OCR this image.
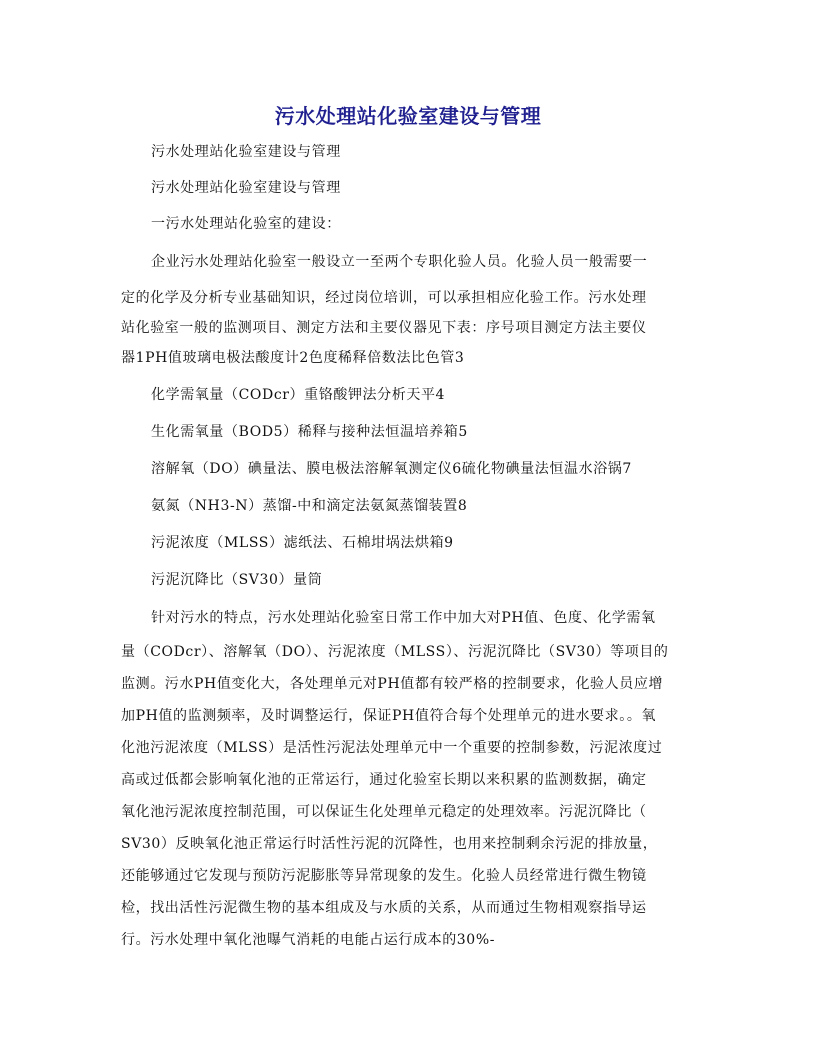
污水处理站化验室建设与管理
污水处理站化验室建设与管理
污水处理站化验室建设与管理
一污水处理站化验室的建设：
企业污水处理站化验室一般设立一至两个专职化验人员。化验人员一般需要一
定的化学及分析专业基础知识，经过岗位培训，可以承担相应化验工作。污水处理
站化验室一般的监测项目、测定方法和主要仪器见下表：序号项目测定方法主要仪
器1PH值玻璃电极法酸度计2色度稀释倍数法比色管3
化学需氧量（CODcr）重铬酸钾法分析天平4
生化需氧量（BOD5）稀释与接种法恒温培养箱5
溶解氧（DO）碘量法、膜电极法溶解氧测定仪6硫化物碘量法恒温水浴锅7
氨氮（NH3-N）蒸馏-中和滴定法氨氮蒸馏装置8
污泥浓度（MLSS）滤纸法、石棉坩埚法烘箱9
污泥沉降比（SV30）量筒
针对污水的特点，污水处理站化验室日常工作中加大对PH值、色度、化学需氧
量（CODcr）、溶解氧（DO）、污泥浓度（MLSS）、污泥沉降比（SV30）等项目的
监测。污水PH值变化大，各处理单元对PH值都有较严格的控制要求，化验人员应增
加PH值的监测频率，及时调整运行，保证PH值符合每个处理单元的进水要求。。氧
化池污泥浓度（MLSS）是活性污泥法处理单元中一个重要的控制参数，污泥浓度过
高或过低都会影响氧化池的正常运行，通过化验室长期以来积累的监测数据，确定
氧化池污泥浓度控制范围，可以保证生化处理单元稳定的处理效率。污泥沉降比（
SV30）反映氧化池正常运行时活性污泥的沉降性，也用来控制剩余污泥的排放量，
还能够通过它发现与预防污泥膨胀等异常现象的发生。化验人员经常进行微生物镜
检，找出活性污泥微生物的基本组成及与水质的关系，从而通过生物相观察指导运
行。污水处理中氧化池曝气消耗的电能占运行成本的30%-
